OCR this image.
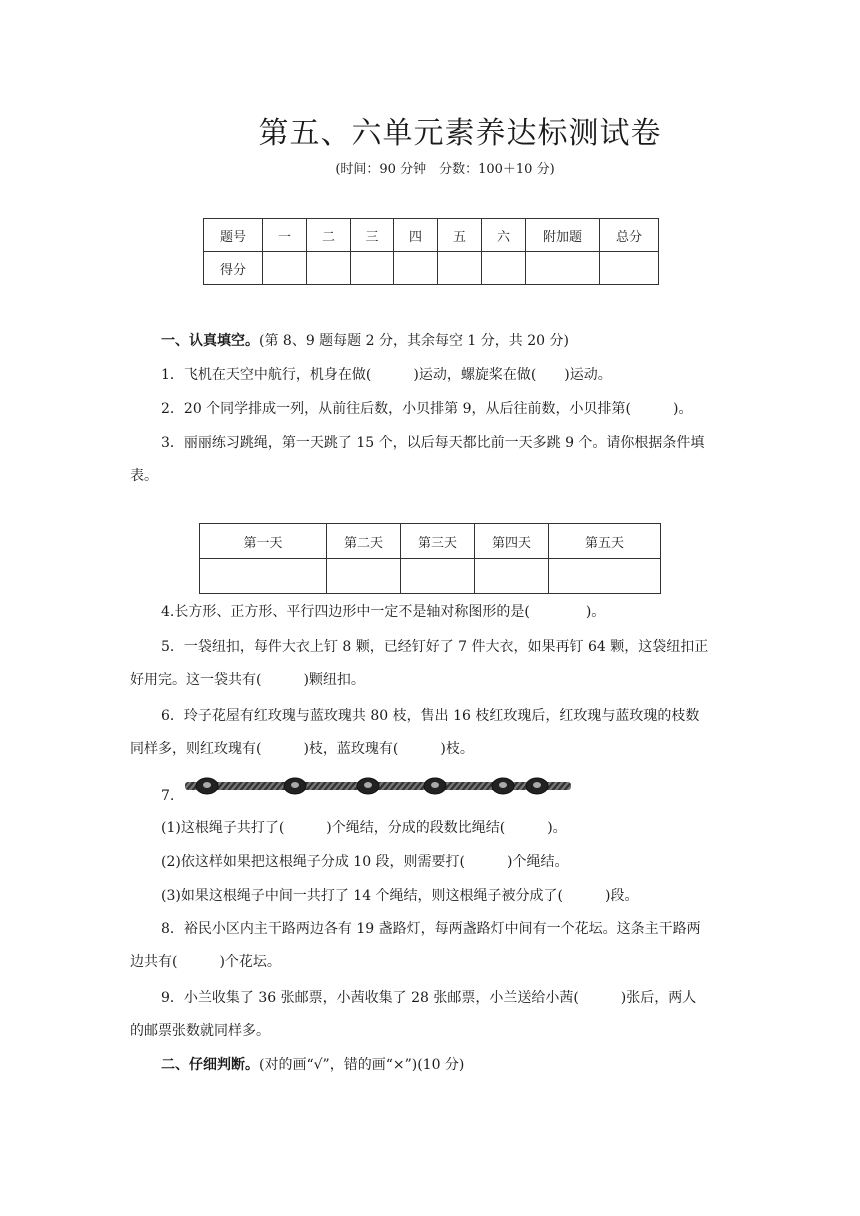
第五、六单元素养达标测试卷
(时间：90 分钟　分数：100＋10 分)
题号	一	二	三	四	五	六	附加题	总分
得分								
一、认真填空。(第 8、9 题每题 2 分，其余每空 1 分，共 20 分)
1．飞机在天空中航行，机身在做(　　　)运动，螺旋桨在做(　　)运动。
2．20 个同学排成一列，从前往后数，小贝排第 9，从后往前数，小贝排第(　　　)。
3．丽丽练习跳绳，第一天跳了 15 个，以后每天都比前一天多跳 9 个。请你根据条件填
表。
第一天	第二天	第三天	第四天	第五天

4.长方形、正方形、平行四边形中一定不是轴对称图形的是(　　　　)。
5．一袋纽扣，每件大衣上钉 8 颗，已经钉好了 7 件大衣，如果再钉 64 颗，这袋纽扣正
好用完。这一袋共有(　　　)颗纽扣。
6．玲子花屋有红玫瑰与蓝玫瑰共 80 枝，售出 16 枝红玫瑰后，红玫瑰与蓝玫瑰的枝数
同样多，则红玫瑰有(　　　)枝，蓝玫瑰有(　　　)枝。
7.
(1)这根绳子共打了(　　　)个绳结，分成的段数比绳结(　　　)。
(2)依这样如果把这根绳子分成 10 段，则需要打(　　　)个绳结。
(3)如果这根绳子中间一共打了 14 个绳结，则这根绳子被分成了(　　　)段。
8．裕民小区内主干路两边各有 19 盏路灯，每两盏路灯中间有一个花坛。这条主干路两
边共有(　　　)个花坛。
9．小兰收集了 36 张邮票，小茜收集了 28 张邮票，小兰送给小茜(　　　)张后，两人
的邮票张数就同样多。
二、仔细判断。(对的画“√”，错的画“×”)(10 分)
